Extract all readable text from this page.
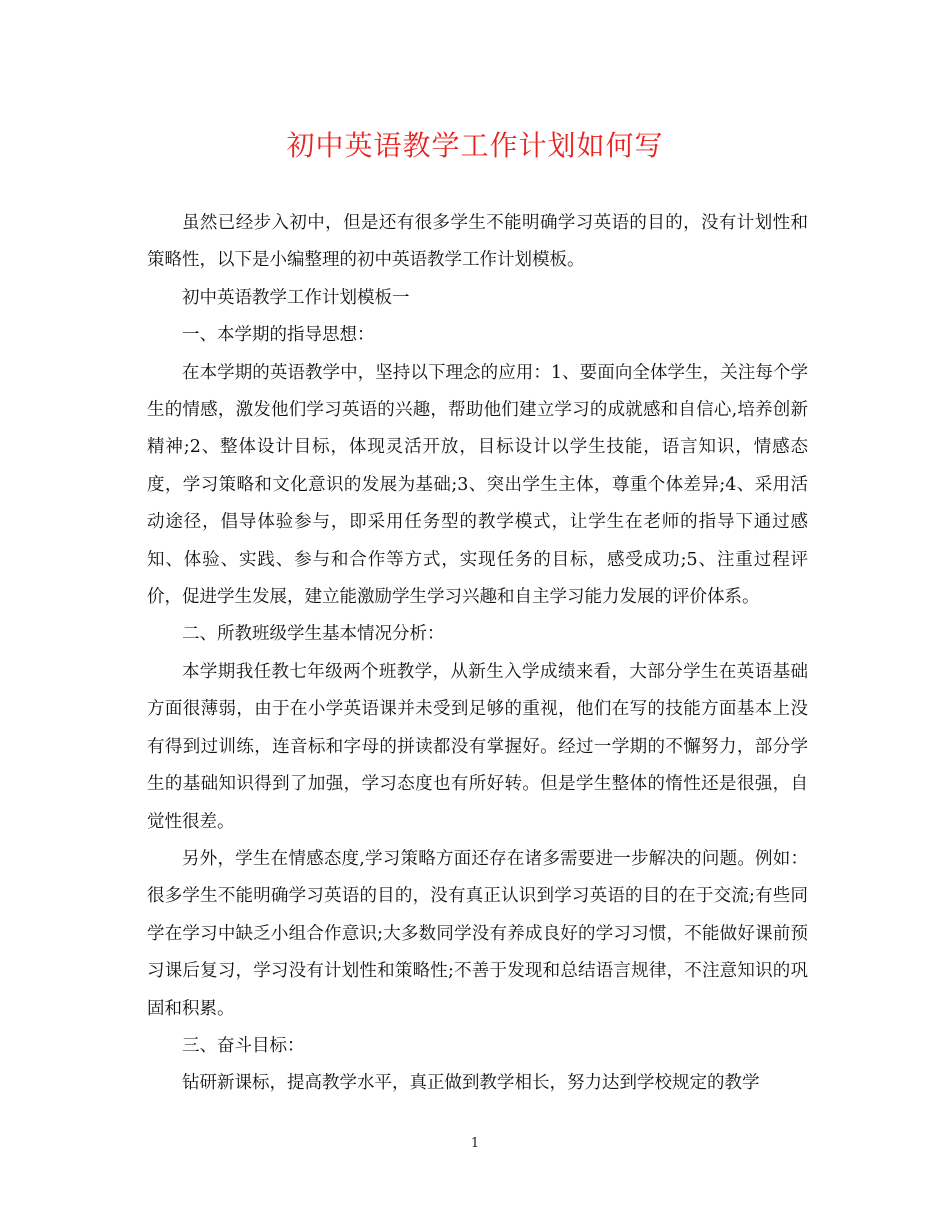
初中英语教学工作计划如何写

虽然已经步入初中，但是还有很多学生不能明确学习英语的目的，没有计划性和策略性，以下是小编整理的初中英语教学工作计划模板。

初中英语教学工作计划模板一

一、本学期的指导思想：

在本学期的英语教学中，坚持以下理念的应用：1、要面向全体学生，关注每个学生的情感，激发他们学习英语的兴趣，帮助他们建立学习的成就感和自信心,培养创新精神;2、整体设计目标，体现灵活开放，目标设计以学生技能，语言知识，情感态度，学习策略和文化意识的发展为基础;3、突出学生主体，尊重个体差异;4、采用活动途径，倡导体验参与，即采用任务型的教学模式，让学生在老师的指导下通过感知、体验、实践、参与和合作等方式，实现任务的目标，感受成功;5、注重过程评价，促进学生发展，建立能激励学生学习兴趣和自主学习能力发展的评价体系。

二、所教班级学生基本情况分析：

本学期我任教七年级两个班教学，从新生入学成绩来看，大部分学生在英语基础方面很薄弱，由于在小学英语课并未受到足够的重视，他们在写的技能方面基本上没有得到过训练，连音标和字母的拼读都没有掌握好。经过一学期的不懈努力，部分学生的基础知识得到了加强，学习态度也有所好转。但是学生整体的惰性还是很强，自觉性很差。

另外，学生在情感态度,学习策略方面还存在诸多需要进一步解决的问题。例如：很多学生不能明确学习英语的目的，没有真正认识到学习英语的目的在于交流;有些同学在学习中缺乏小组合作意识;大多数同学没有养成良好的学习习惯，不能做好课前预习课后复习，学习没有计划性和策略性;不善于发现和总结语言规律，不注意知识的巩固和积累。

三、奋斗目标：

钻研新课标，提高教学水平，真正做到教学相长，努力达到学校规定的教学

1
